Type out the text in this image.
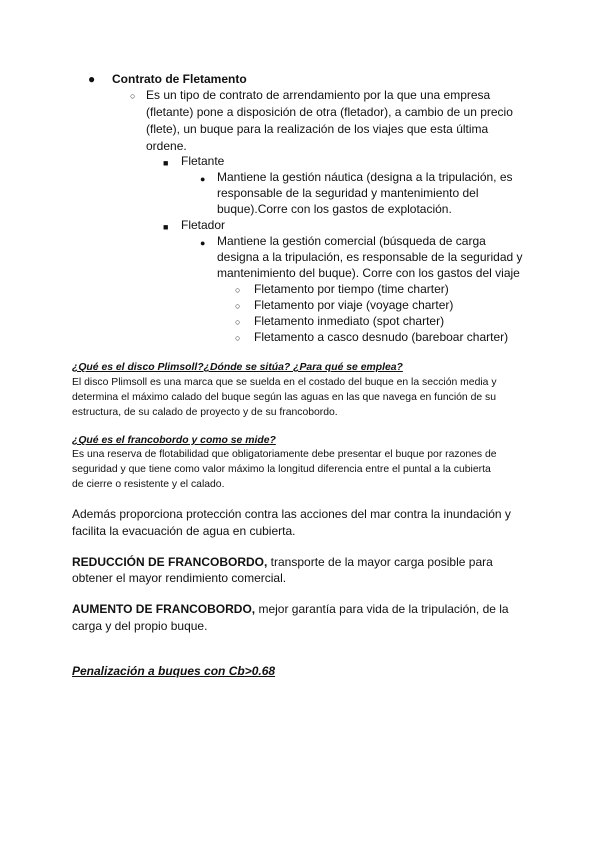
● Contrato de Fletamento
○ Es un tipo de contrato de arrendamiento por la que una empresa
(fletante) pone a disposición de otra (fletador), a cambio de un precio
(flete), un buque para la realización de los viajes que esta última
ordene.
■ Fletante
● Mantiene la gestión náutica (designa a la tripulación, es
responsable de la seguridad y mantenimiento del
buque).Corre con los gastos de explotación.
■ Fletador
● Mantiene la gestión comercial (búsqueda de carga
designa a la tripulación, es responsable de la seguridad y
mantenimiento del buque). Corre con los gastos del viaje
○ Fletamento por tiempo (time charter)
○ Fletamento por viaje (voyage charter)
○ Fletamento inmediato (spot charter)
○ Fletamento a casco desnudo (bareboar charter)
¿Qué es el disco Plimsoll?¿Dónde se sitúa? ¿Para qué se emplea?
El disco Plimsoll es una marca que se suelda en el costado del buque en la sección media y
determina el máximo calado del buque según las aguas en las que navega en función de su
estructura, de su calado de proyecto y de su francobordo.
¿Qué es el francobordo y como se mide?
Es una reserva de flotabilidad que obligatoriamente debe presentar el buque por razones de
seguridad y que tiene como valor máximo la longitud diferencia entre el puntal a la cubierta
de cierre o resistente y el calado.
Además proporciona protección contra las acciones del mar contra la inundación y
facilita la evacuación de agua en cubierta.
REDUCCIÓN DE FRANCOBORDO, transporte de la mayor carga posible para
obtener el mayor rendimiento comercial.
AUMENTO DE FRANCOBORDO, mejor garantía para vida de la tripulación, de la
carga y del propio buque.
Penalización a buques con Cb>0.68
